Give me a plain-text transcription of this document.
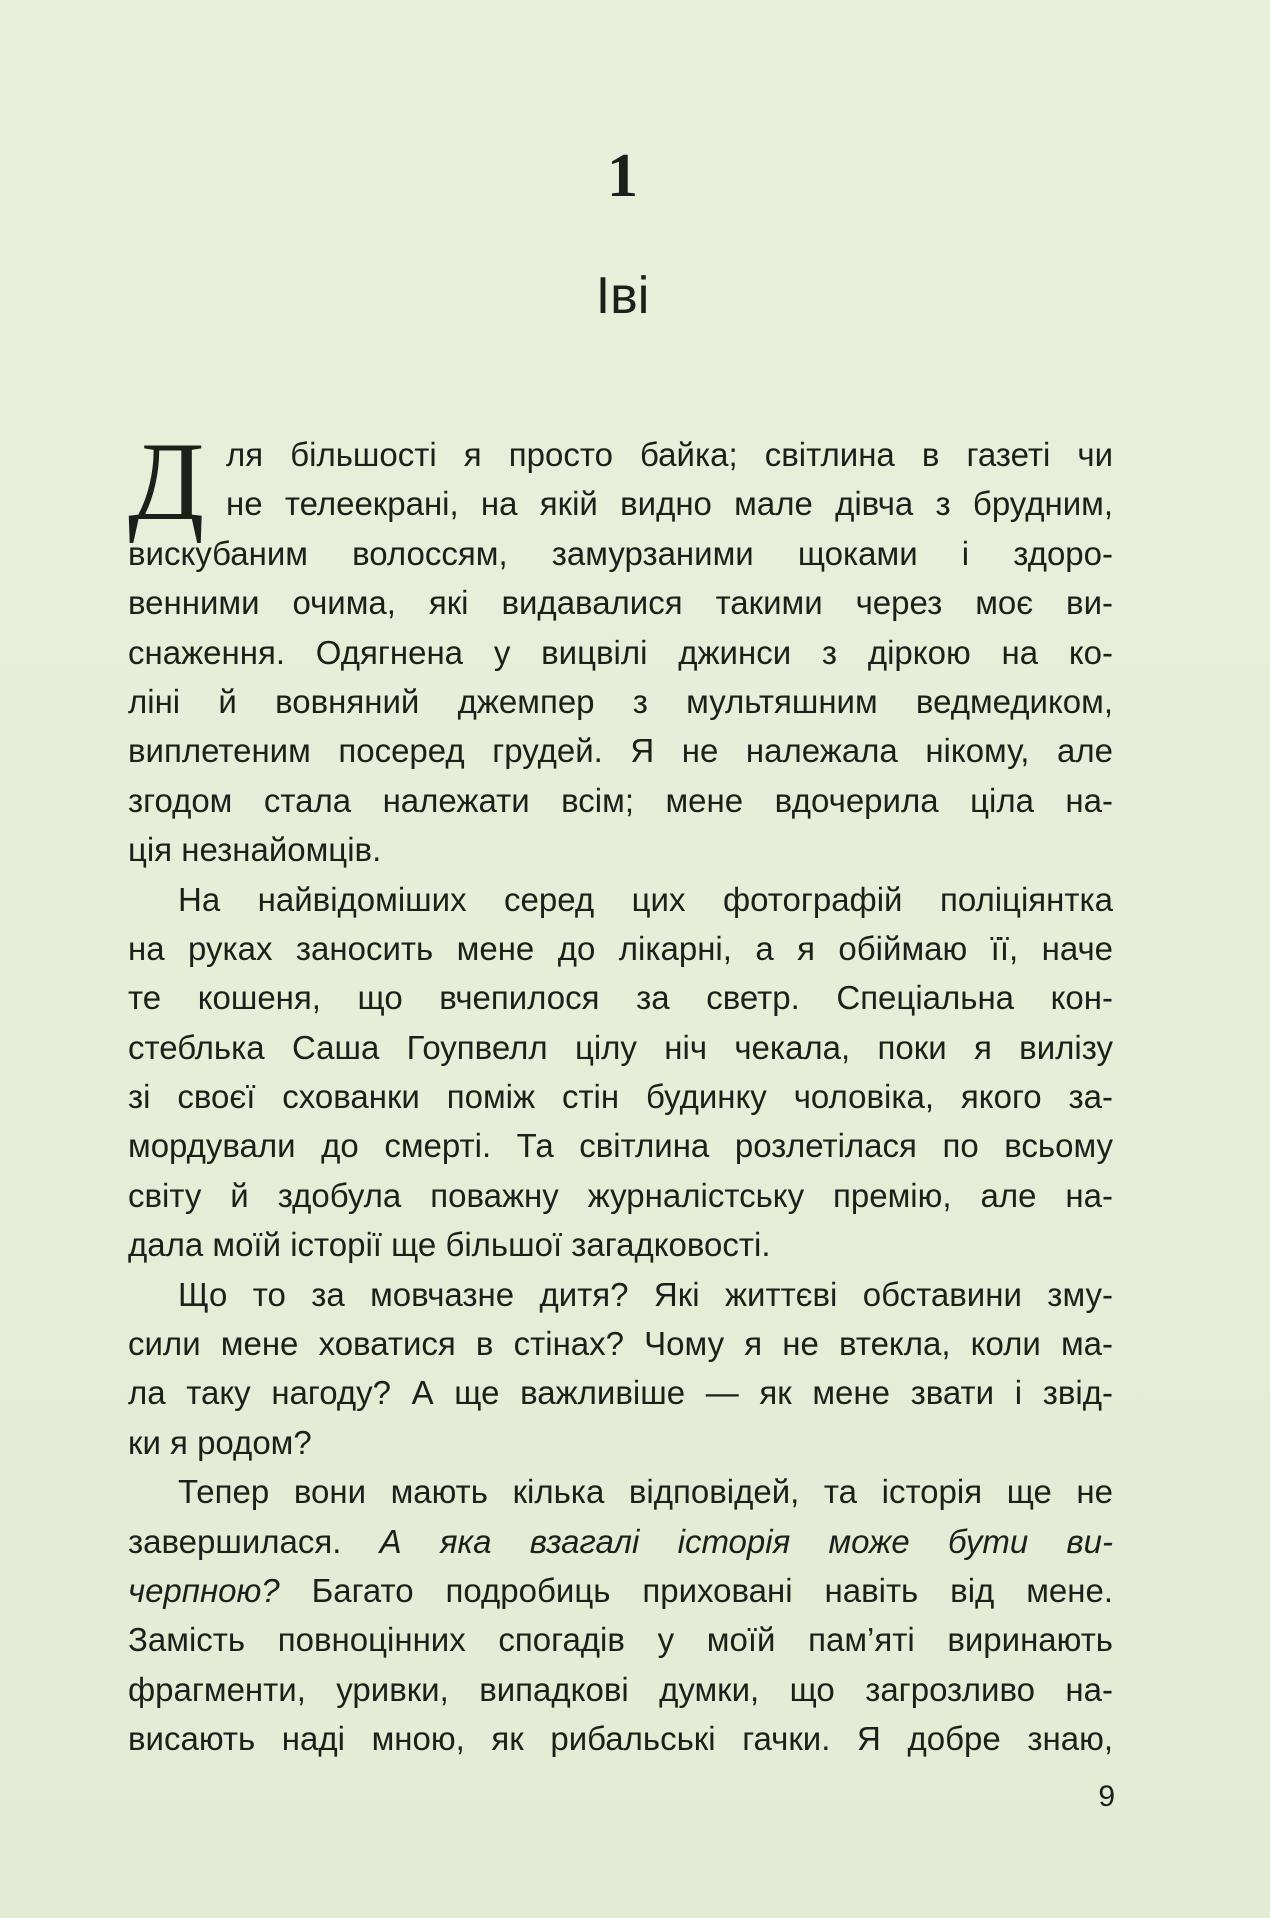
1
Іві
Д ля більшості я просто байка; світлина в газеті чи
не телеекрані, на якій видно мале дівча з брудним,
вискубаним волоссям, замурзаними щоками і здоро-
венними очима, які видавалися такими через моє ви-
снаження. Одягнена у вицвілі джинси з діркою на ко-
ліні й вовняний джемпер з мультяшним ведмедиком,
виплетеним посеред грудей. Я не належала нікому, але
згодом стала належати всім; мене вдочерила ціла на-
ція незнайомців.
На найвідоміших серед цих фотографій поліціянтка
на руках заносить мене до лікарні, а я обіймаю її, наче
те кошеня, що вчепилося за светр. Спеціальна кон-
стеблька Саша Гоупвелл цілу ніч чекала, поки я вилізу
зі своєї схованки поміж стін будинку чоловіка, якого за-
мордували до смерті. Та світлина розлетілася по всьому
світу й здобула поважну журналістську премію, але на-
дала моїй історії ще більшої загадковості.
Що то за мовчазне дитя? Які життєві обставини зму-
сили мене ховатися в стінах? Чому я не втекла, коли ма-
ла таку нагоду? А ще важливіше — як мене звати і звід-
ки я родом?
Тепер вони мають кілька відповідей, та історія ще не
завершилася. А яка взагалі історія може бути ви-
черпною? Багато подробиць приховані навіть від мене.
Замість повноцінних спогадів у моїй пам’яті виринають
фрагменти, уривки, випадкові думки, що загрозливо на-
висають наді мною, як рибальські гачки. Я добре знаю,
9
